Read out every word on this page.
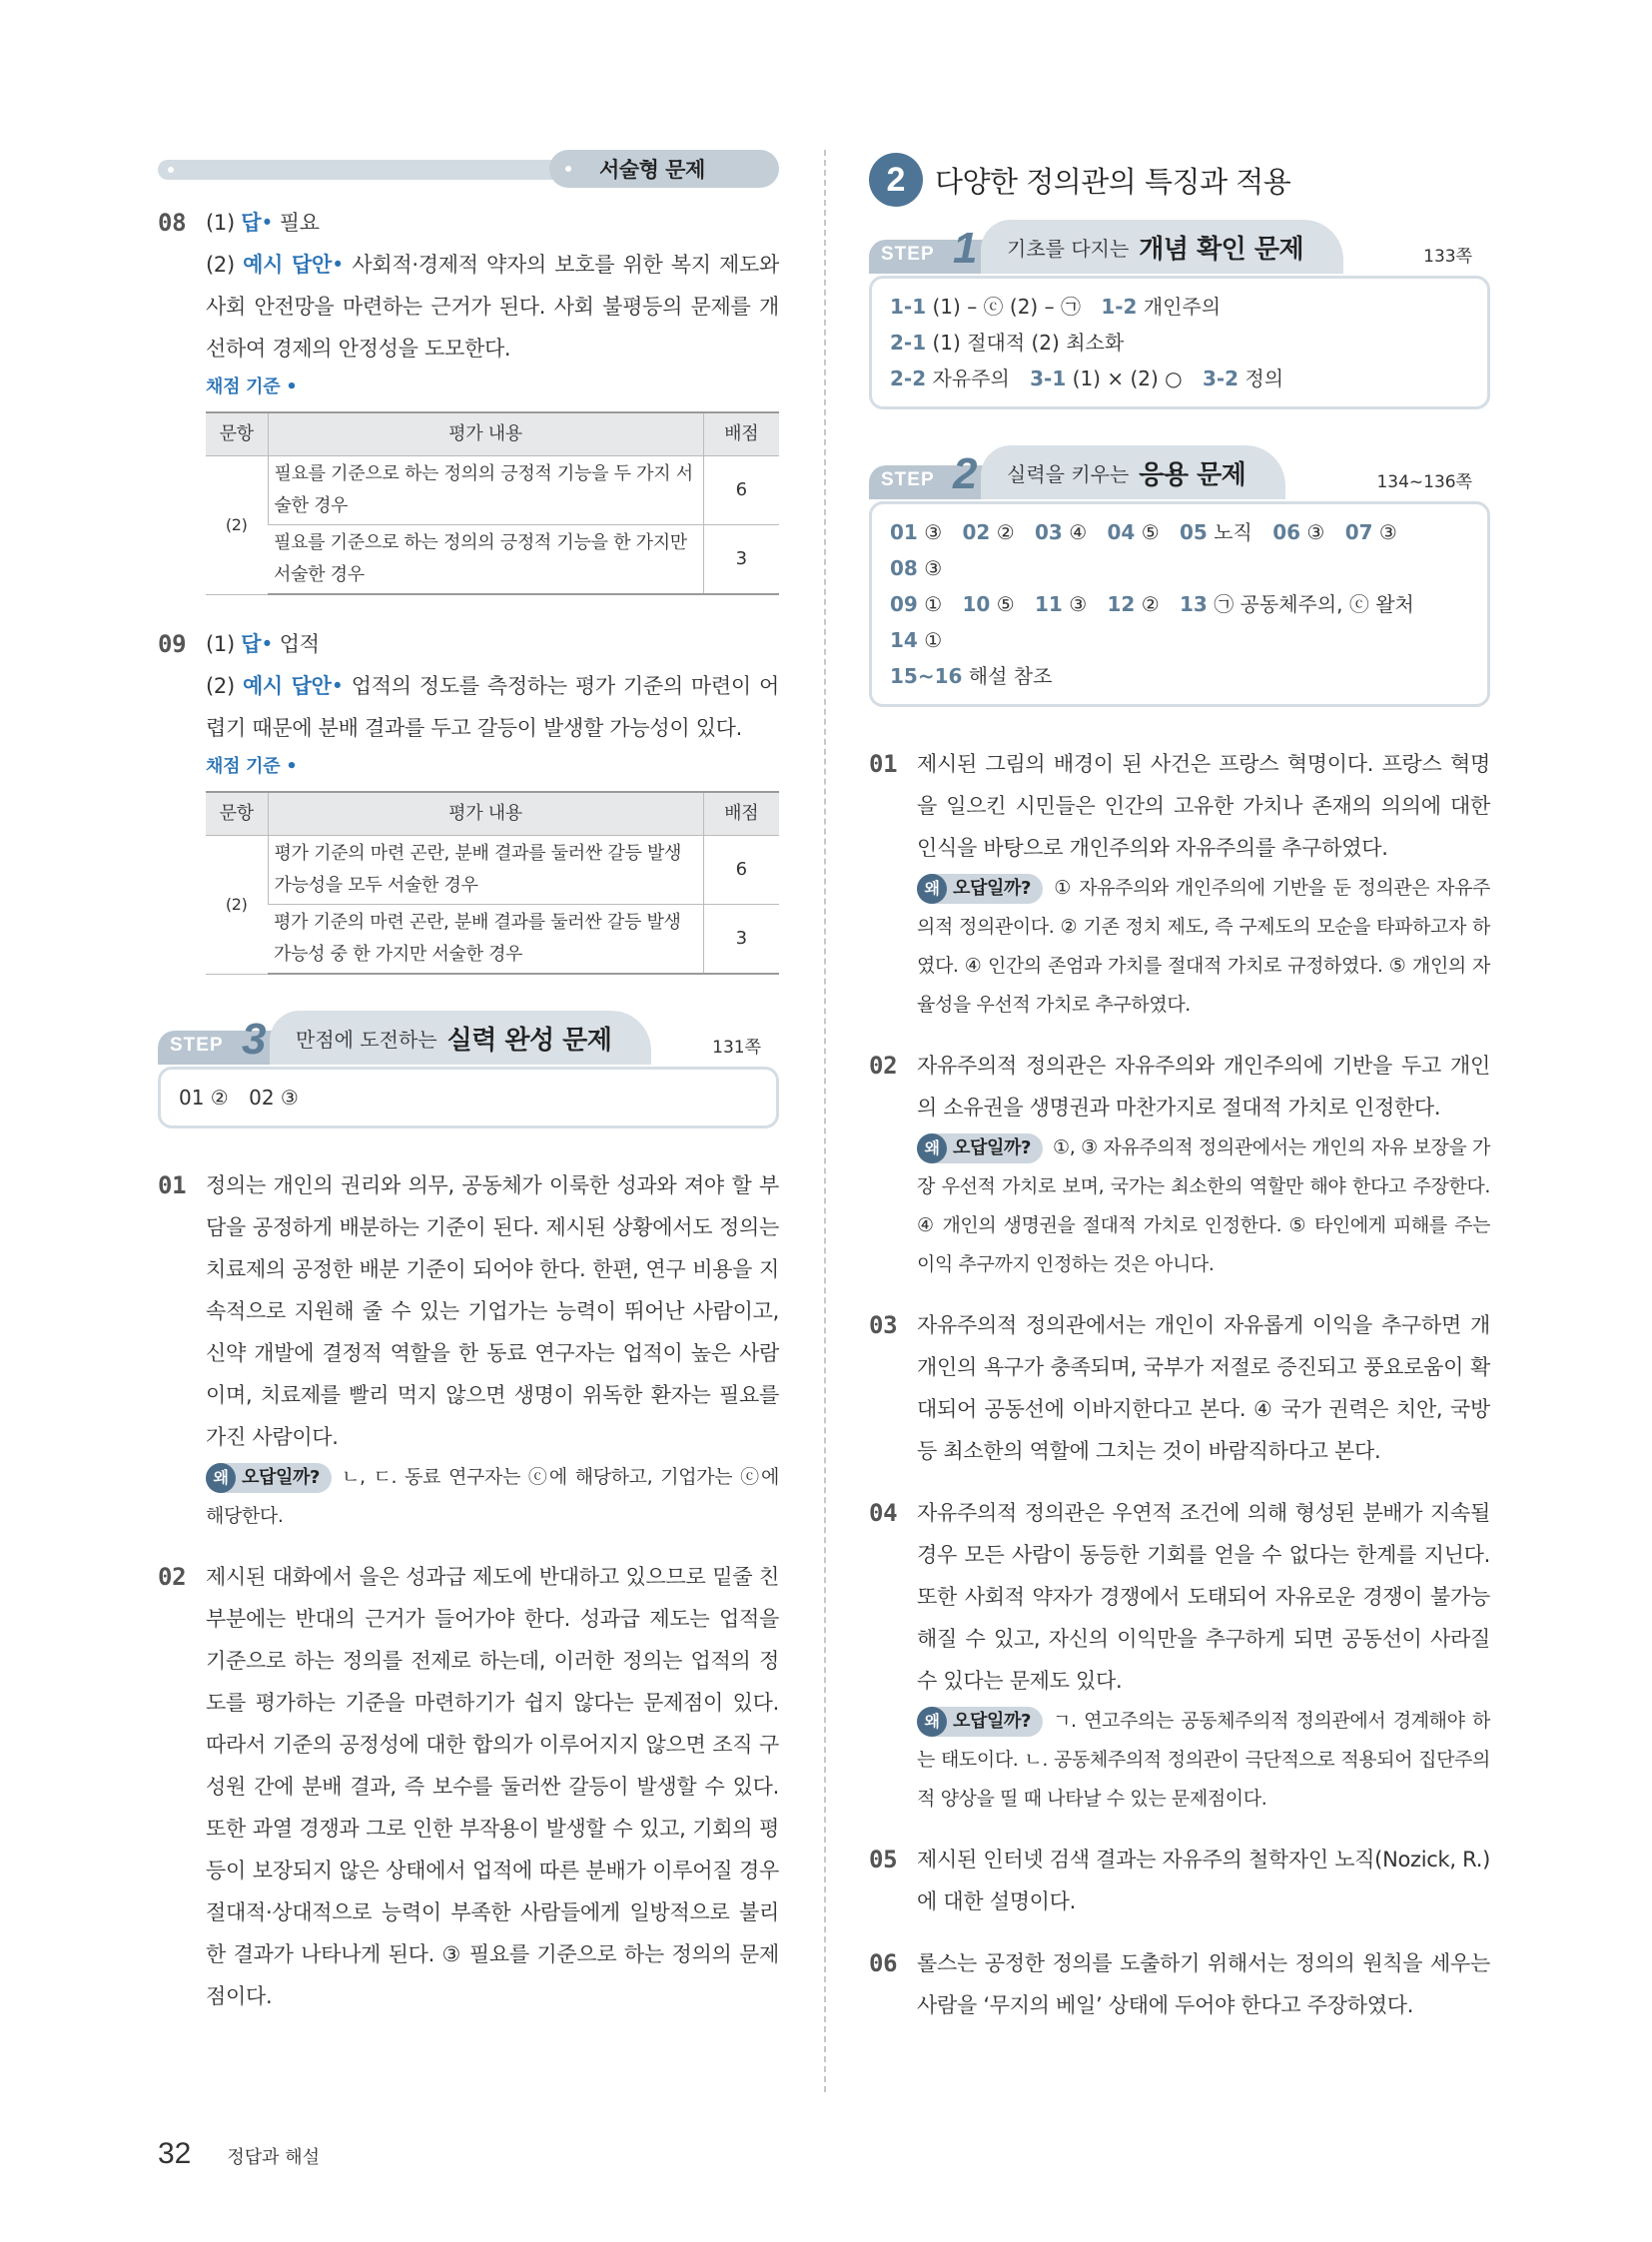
서술형 문제
08 (1) 답• 필요

(2) 예시 답안• 사회적·경제적 약자의 보호를 위한 복지 제도와 사회 안전망을 마련하는 근거가 된다. 사회 불평등의 문제를 개선하여 경제의 안정성을 도모한다.

채점 기준 •
문항	평가 내용	배점
(2)	필요를 기준으로 하는 정의의 긍정적 기능을 두 가지 서술한 경우	6
	필요를 기준으로 하는 정의의 긍정적 기능을 한 가지만 서술한 경우	3
09 (1) 답• 업적

(2) 예시 답안• 업적의 정도를 측정하는 평가 기준의 마련이 어렵기 때문에 분배 결과를 두고 갈등이 발생할 가능성이 있다.

채점 기준 •
문항	평가 내용	배점
(2)	평가 기준의 마련 곤란, 분배 결과를 둘러싼 갈등 발생 가능성을 모두 서술한 경우	6
	평가 기준의 마련 곤란, 분배 결과를 둘러싼 갈등 발생 가능성 중 한 가지만 서술한 경우	3
STEP	만점에 도전하는 실력 완성 문제
3	131쪽
01 ② 02 ③
01 정의는 개인의 권리와 의무, 공동체가 이룩한 성과와 져야 할 부담을 공정하게 배분하는 기준이 된다. 제시된 상황에서도 정의는 치료제의 공정한 배분 기준이 되어야 한다. 한편, 연구 비용을 지속적으로 지원해 줄 수 있는 기업가는 능력이 뛰어난 사람이고, 신약 개발에 결정적 역할을 한 동료 연구자는 업적이 높은 사람이며, 치료제를 빨리 먹지 않으면 생명이 위독한 환자는 필요를 가진 사람이다.

왜 오답일까? ㄴ, ㄷ. 동료 연구자는 ⓒ에 해당하고, 기업가는 ⓒ에 해당한다.
02 제시된 대화에서 을은 성과급 제도에 반대하고 있으므로 밑줄 친 부분에는 반대의 근거가 들어가야 한다. 성과급 제도는 업적을 기준으로 하는 정의를 전제로 하는데, 이러한 정의는 업적의 정도를 평가하는 기준을 마련하기가 쉽지 않다는 문제점이 있다. 따라서 기준의 공정성에 대한 합의가 이루어지지 않으면 조직 구성원 간에 분배 결과, 즉 보수를 둘러싼 갈등이 발생할 수 있다. 또한 과열 경쟁과 그로 인한 부작용이 발생할 수 있고, 기회의 평등이 보장되지 않은 상태에서 업적에 따른 분배가 이루어질 경우 절대적·상대적으로 능력이 부족한 사람들에게 일방적으로 불리한 결과가 나타나게 된다. ③ 필요를 기준으로 하는 정의의 문제점이다.

2	다양한 정의관의 특징과 적용
STEP	기초를 다지는 개념 확인 문제
1	133쪽
1-1 (1) – ⓒ (2) – ㉠ 1-2 개인주의 2-1 (1) 절대적 (2) 최소화
2-2 자유주의 3-1 (1) × (2) ○ 3-2 정의
STEP	실력을 키우는 응용 문제
2	134~136쪽
01 ③ 02 ② 03 ④ 04 ⑤ 05 노직 06 ③ 07 ③ 08 ③
09 ① 10 ⑤ 11 ③ 12 ② 13 ㉠ 공동체주의, ⓒ 왈처 14 ①
15~16 해설 참조
01 제시된 그림의 배경이 된 사건은 프랑스 혁명이다. 프랑스 혁명을 일으킨 시민들은 인간의 고유한 가치나 존재의 의의에 대한 인식을 바탕으로 개인주의와 자유주의를 추구하였다.

왜 오답일까? ① 자유주의와 개인주의에 기반을 둔 정의관은 자유주의적 정의관이다. ② 기존 정치 제도, 즉 구제도의 모순을 타파하고자 하였다. ④ 인간의 존엄과 가치를 절대적 가치로 규정하였다. ⑤ 개인의 자율성을 우선적 가치로 추구하였다.
02 자유주의적 정의관은 자유주의와 개인주의에 기반을 두고 개인의 소유권을 생명권과 마찬가지로 절대적 가치로 인정한다.

왜 오답일까? ①, ③ 자유주의적 정의관에서는 개인의 자유 보장을 가장 우선적 가치로 보며, 국가는 최소한의 역할만 해야 한다고 주장한다. ④ 개인의 생명권을 절대적 가치로 인정한다. ⑤ 타인에게 피해를 주는 이익 추구까지 인정하는 것은 아니다.
03 자유주의적 정의관에서는 개인이 자유롭게 이익을 추구하면 개개인의 욕구가 충족되며, 국부가 저절로 증진되고 풍요로움이 확대되어 공동선에 이바지한다고 본다. ④ 국가 권력은 치안, 국방 등 최소한의 역할에 그치는 것이 바람직하다고 본다.

04 자유주의적 정의관은 우연적 조건에 의해 형성된 분배가 지속될 경우 모든 사람이 동등한 기회를 얻을 수 없다는 한계를 지닌다. 또한 사회적 약자가 경쟁에서 도태되어 자유로운 경쟁이 불가능해질 수 있고, 자신의 이익만을 추구하게 되면 공동선이 사라질 수 있다는 문제도 있다.

왜 오답일까? ㄱ. 연고주의는 공동체주의적 정의관에서 경계해야 하는 태도이다. ㄴ. 공동체주의적 정의관이 극단적으로 적용되어 집단주의적 양상을 띨 때 나타날 수 있는 문제점이다.
05 제시된 인터넷 검색 결과는 자유주의 철학자인 노직(Nozick, R.)에 대한 설명이다.

06 롤스는 공정한 정의를 도출하기 위해서는 정의의 원칙을 세우는 사람을 ‘무지의 베일’ 상태에 두어야 한다고 주장하였다.

32 정답과 해설
